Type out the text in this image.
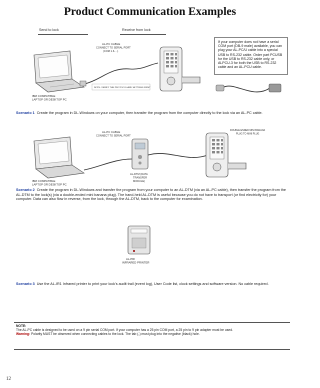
Product Communication Examples
Send to lock	Receive from lock
IBM COMPATIBLE
LAPTOP OR DESKTOP PC
AL-PC CABLE
CONNECT TO SERIAL PORT
(COM 1 & ...)
NOTE: VERIFY THE PROTOCOL AND SETTINGS FIRST
If your computer does not have a serial COM port (DB-9 male) available, you can plug your AL-PC/U cable into a special USB to RS-232 cable. Order part PCUSB for the USB to RS-232 cable only, or ALPCU-3 for both the USB to RS-232 cable and an AL-PCU cable.
Scenario 1 Create the program in DL-Windows on your computer, then transfer the program from the computer directly to the lock via an AL-PC cable.
IBM COMPATIBLE
LAPTOP OR DESKTOP PC
AL-PC CABLE
CONNECT TO SERIAL PORT
AL-DTM (DATA
TRANSFER
MODULE)
DOUBLE ENDED MINI BANANA
PLUG TO MINI PLUG
Scenario 2 Create the program in DL-Windows and transfer the program from your computer to an AL-DTM (via an AL-PC cable), then transfer the program from the AL-DTM to the lock(s) (via a double-ended mini banana plug). The hand-held AL-DTM is useful because you do not have to transport (or find electricity for) your computer. Data can also flow in reverse, from the lock, through the AL-DTM, back to the computer for examination.
AL-PRI
INFRARED PRINTER
Scenario 3 Use the AL-IR1 Infrared printer to print your lock's audit trail (event log), User Code list, clock settings and software version. No cable required.
NOTE:
The AL-PC cable is designed to be used on a 9 pin serial COM port. If your computer has a 25 pin COM port, a 25 pin to 9 pin adapter must be used.
Warning: Polarity MUST be observed when connecting cables to the lock. The tab (-) must plug into the negative (black) hole.
12
